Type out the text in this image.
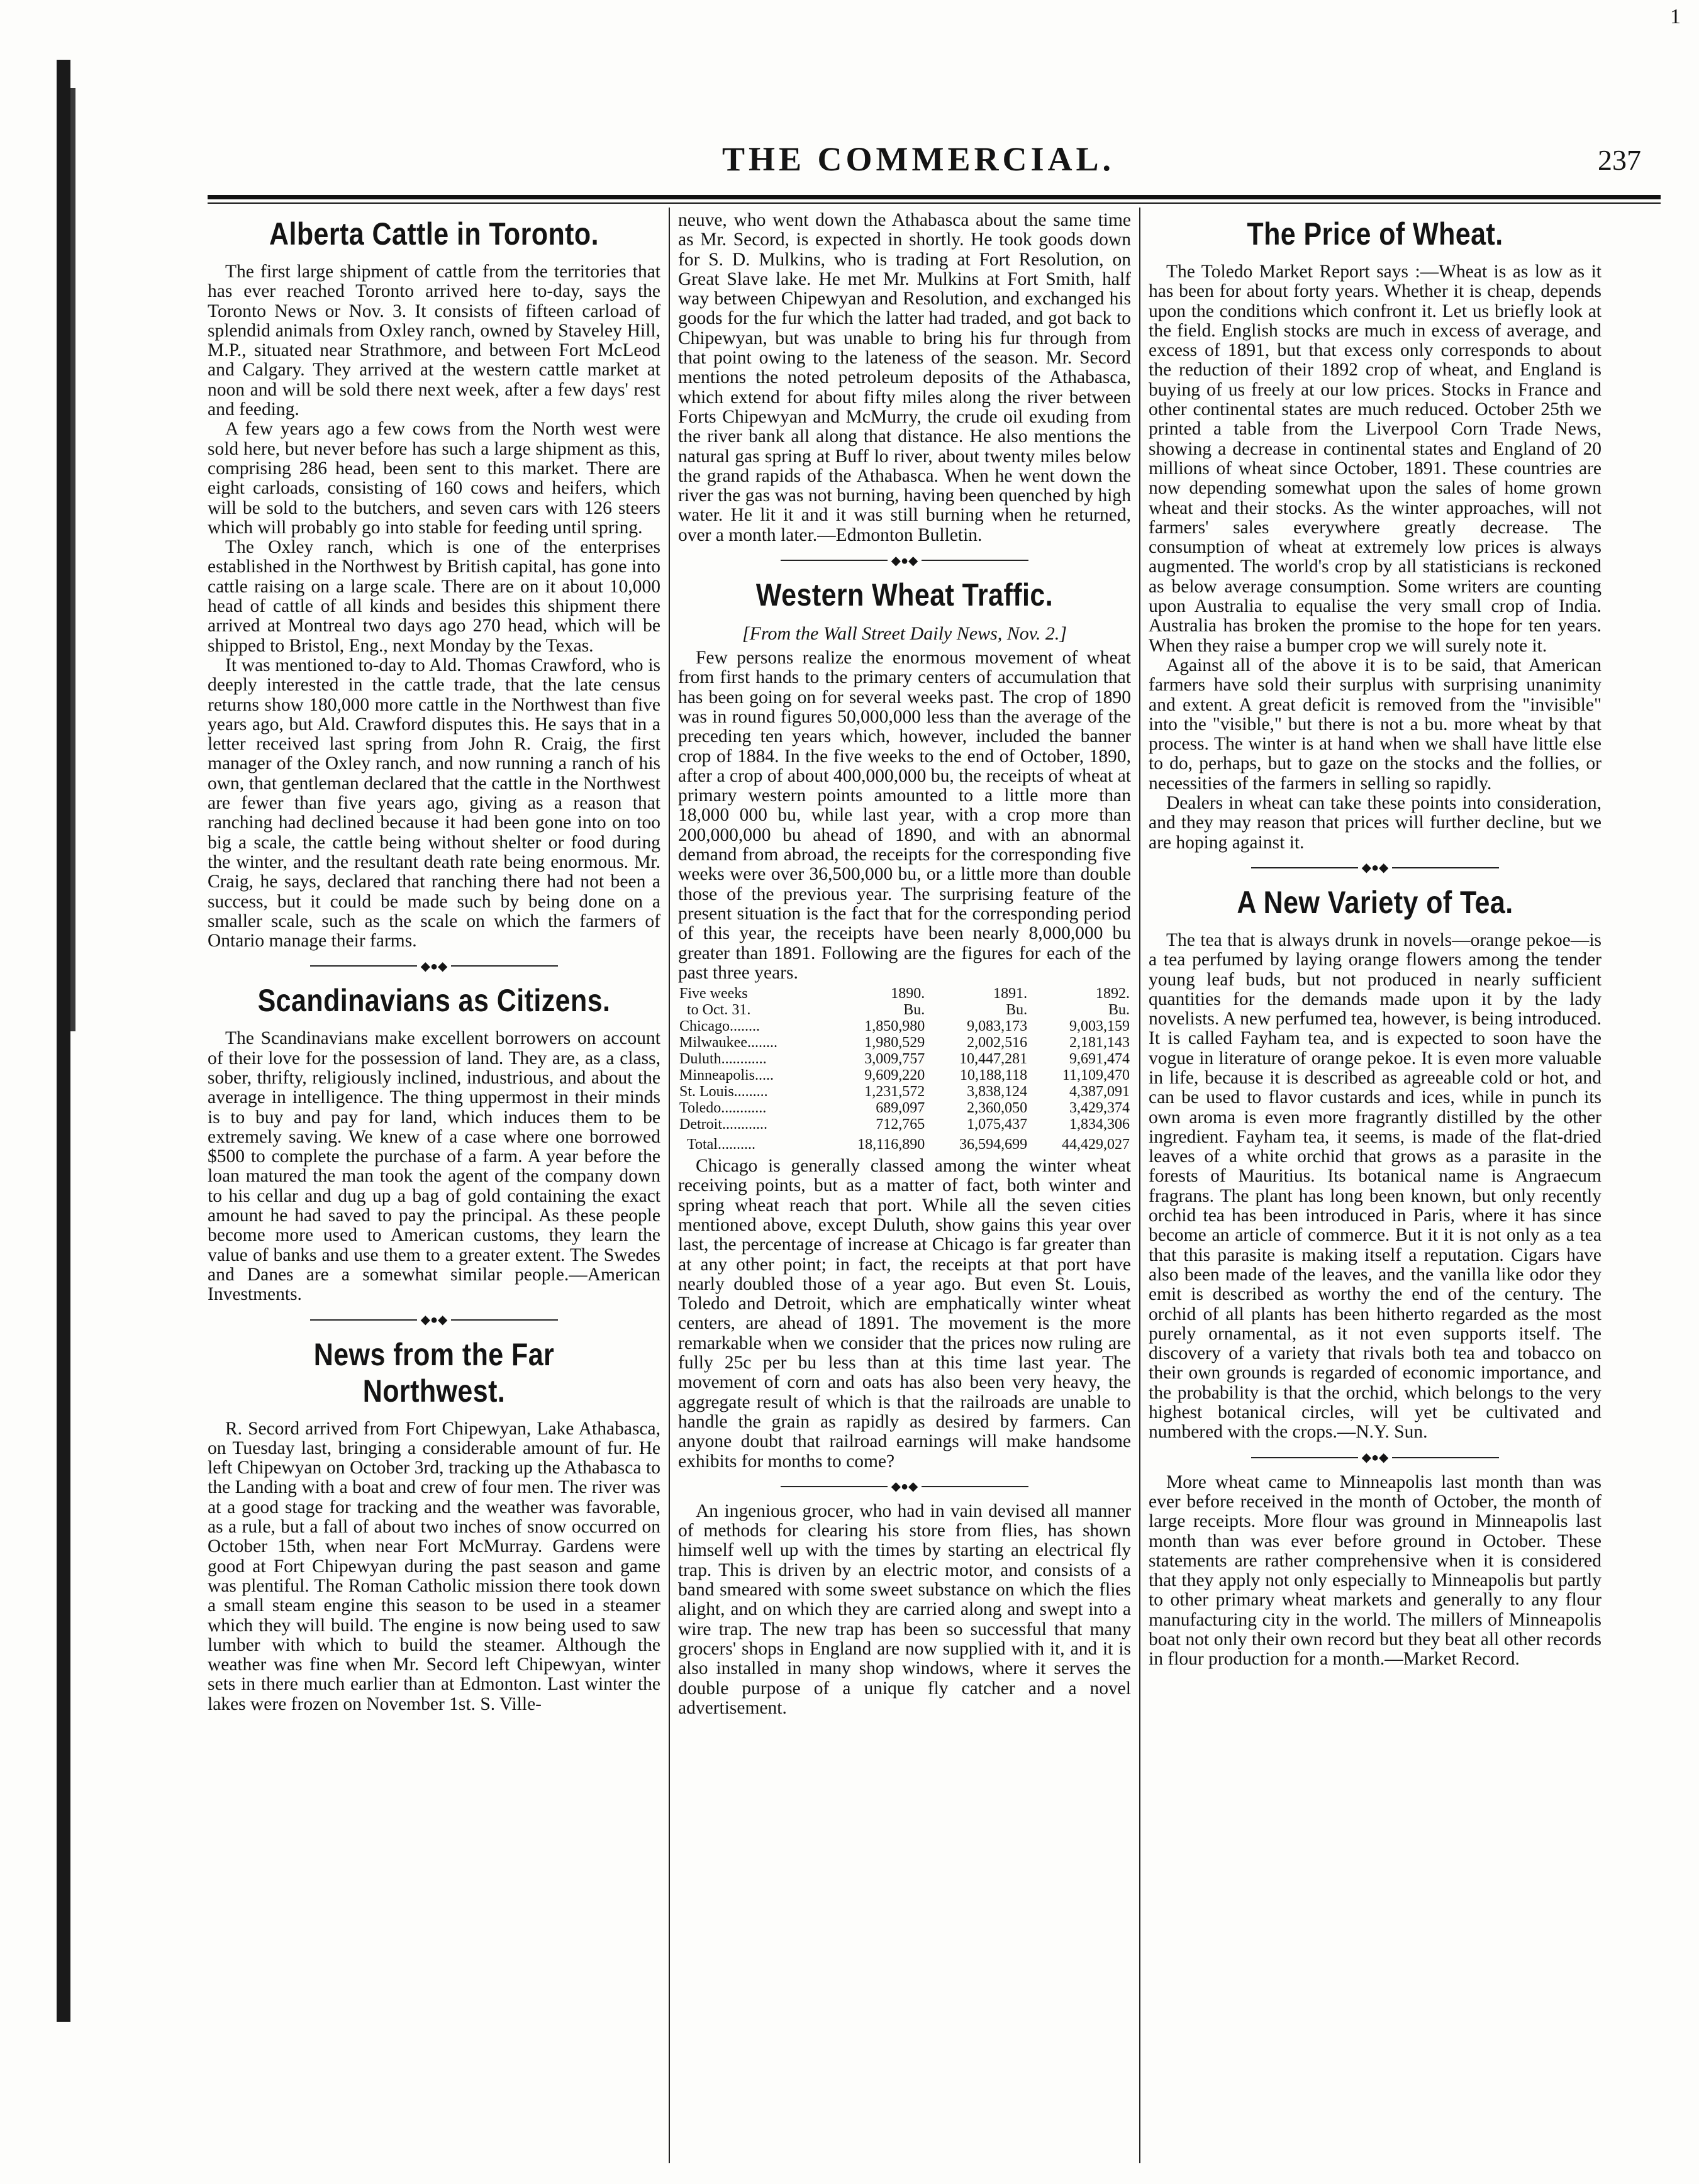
1
THE COMMERCIAL.	237
Alberta Cattle in Toronto.

The first large shipment of cattle from the territories that has ever reached Toronto arrived here to-day, says the Toronto News or Nov. 3. It consists of fifteen carload of splendid animals from Oxley ranch, owned by Staveley Hill, M.P., situated near Strathmore, and between Fort McLeod and Calgary. They arrived at the western cattle market at noon and will be sold there next week, after a few days' rest and feeding.

A few years ago a few cows from the North west were sold here, but never before has such a large shipment as this, comprising 286 head, been sent to this market. There are eight carloads, consisting of 160 cows and heifers, which will be sold to the butchers, and seven cars with 126 steers which will probably go into stable for feeding until spring.

The Oxley ranch, which is one of the enterprises established in the Northwest by British capital, has gone into cattle raising on a large scale. There are on it about 10,000 head of cattle of all kinds and besides this shipment there arrived at Montreal two days ago 270 head, which will be shipped to Bristol, Eng., next Monday by the Texas.

It was mentioned to-day to Ald. Thomas Crawford, who is deeply interested in the cattle trade, that the late census returns show 180,000 more cattle in the Northwest than five years ago, but Ald. Crawford disputes this. He says that in a letter received last spring from John R. Craig, the first manager of the Oxley ranch, and now running a ranch of his own, that gentleman declared that the cattle in the Northwest are fewer than five years ago, giving as a reason that ranching had declined because it had been gone into on too big a scale, the cattle being without shelter or food during the winter, and the resultant death rate being enormous. Mr. Craig, he says, declared that ranching there had not been a success, but it could be made such by being done on a smaller scale, such as the scale on which the farmers of Ontario manage their farms.

◆●◆
Scandinavians as Citizens.

The Scandinavians make excellent borrowers on account of their love for the possession of land. They are, as a class, sober, thrifty, religiously inclined, industrious, and about the average in intelligence. The thing uppermost in their minds is to buy and pay for land, which induces them to be extremely saving. We knew of a case where one borrowed $500 to complete the purchase of a farm. A year before the loan matured the man took the agent of the company down to his cellar and dug up a bag of gold containing the exact amount he had saved to pay the principal. As these people become more used to American customs, they learn the value of banks and use them to a greater extent. The Swedes and Danes are a somewhat similar people.—American Investments.

◆●◆
News from the Far Northwest.

R. Secord arrived from Fort Chipewyan, Lake Athabasca, on Tuesday last, bringing a considerable amount of fur. He left Chipewyan on October 3rd, tracking up the Athabasca to the Landing with a boat and crew of four men. The river was at a good stage for tracking and the weather was favorable, as a rule, but a fall of about two inches of snow occurred on October 15th, when near Fort McMurray. Gardens were good at Fort Chipewyan during the past season and game was plentiful. The Roman Catholic mission there took down a small steam engine this season to be used in a steamer which they will build. The engine is now being used to saw lumber with which to build the steamer. Although the weather was fine when Mr. Secord left Chipewyan, winter sets in there much earlier than at Edmonton. Last winter the lakes were frozen on November 1st. S. Ville-

neuve, who went down the Athabasca about the same time as Mr. Secord, is expected in shortly. He took goods down for S. D. Mulkins, who is trading at Fort Resolution, on Great Slave lake. He met Mr. Mulkins at Fort Smith, half way between Chipewyan and Resolution, and exchanged his goods for the fur which the latter had traded, and got back to Chipewyan, but was unable to bring his fur through from that point owing to the lateness of the season. Mr. Secord mentions the noted petroleum deposits of the Athabasca, which extend for about fifty miles along the river between Forts Chipewyan and McMurry, the crude oil exuding from the river bank all along that distance. He also mentions the natural gas spring at Buff lo river, about twenty miles below the grand rapids of the Athabasca. When he went down the river the gas was not burning, having been quenched by high water. He lit it and it was still burning when he returned, over a month later.—Edmonton Bulletin.

◆●◆
Western Wheat Traffic.
[From the Wall Street Daily News, Nov. 2.]

Few persons realize the enormous movement of wheat from first hands to the primary centers of accumulation that has been going on for several weeks past. The crop of 1890 was in round figures 50,000,000 less than the average of the preceding ten years which, however, included the banner crop of 1884. In the five weeks to the end of October, 1890, after a crop of about 400,000,000 bu, the receipts of wheat at primary western points amounted to a little more than 18,000 000 bu, while last year, with a crop more than 200,000,000 bu ahead of 1890, and with an abnormal demand from abroad, the receipts for the corresponding five weeks were over 36,500,000 bu, or a little more than double those of the previous year. The surprising feature of the present situation is the fact that for the corresponding period of this year, the receipts have been nearly 8,000,000 bu greater than 1891. Following are the figures for each of the past three years.

Five weeks	1890.	1891.	1892.
to Oct. 31.	Bu.	Bu.	Bu.
Chicago........	1,850,980	9,083,173	9,003,159
Milwaukee........	1,980,529	2,002,516	2,181,143
Duluth............	3,009,757	10,447,281	9,691,474
Minneapolis.....	9,609,220	10,188,118	11,109,470
St. Louis.........	1,231,572	3,838,124	4,387,091
Toledo............	689,097	2,360,050	3,429,374
Detroit............	712,765	1,075,437	1,834,306
Total..........	18,116,890	36,594,699	44,429,027

Chicago is generally classed among the winter wheat receiving points, but as a matter of fact, both winter and spring wheat reach that port. While all the seven cities mentioned above, except Duluth, show gains this year over last, the percentage of increase at Chicago is far greater than at any other point; in fact, the receipts at that port have nearly doubled those of a year ago. But even St. Louis, Toledo and Detroit, which are emphatically winter wheat centers, are ahead of 1891. The movement is the more remarkable when we consider that the prices now ruling are fully 25c per bu less than at this time last year. The movement of corn and oats has also been very heavy, the aggregate result of which is that the railroads are unable to handle the grain as rapidly as desired by farmers. Can anyone doubt that railroad earnings will make handsome exhibits for months to come?

◆●◆

An ingenious grocer, who had in vain devised all manner of methods for clearing his store from flies, has shown himself well up with the times by starting an electrical fly trap. This is driven by an electric motor, and consists of a band smeared with some sweet substance on which the flies alight, and on which they are carried along and swept into a wire trap. The new trap has been so successful that many grocers' shops in England are now supplied with it, and it is also installed in many shop windows, where it serves the double purpose of a unique fly catcher and a novel advertisement.

The Price of Wheat.

The Toledo Market Report says :—Wheat is as low as it has been for about forty years. Whether it is cheap, depends upon the conditions which confront it. Let us briefly look at the field. English stocks are much in excess of average, and excess of 1891, but that excess only corresponds to about the reduction of their 1892 crop of wheat, and England is buying of us freely at our low prices. Stocks in France and other continental states are much reduced. October 25th we printed a table from the Liverpool Corn Trade News, showing a decrease in continental states and England of 20 millions of wheat since October, 1891. These countries are now depending somewhat upon the sales of home grown wheat and their stocks. As the winter approaches, will not farmers' sales everywhere greatly decrease. The consumption of wheat at extremely low prices is always augmented. The world's crop by all statisticians is reckoned as below average consumption. Some writers are counting upon Australia to equalise the very small crop of India. Australia has broken the promise to the hope for ten years. When they raise a bumper crop we will surely note it.

Against all of the above it is to be said, that American farmers have sold their surplus with surprising unanimity and extent. A great deficit is removed from the "invisible" into the "visible," but there is not a bu. more wheat by that process. The winter is at hand when we shall have little else to do, perhaps, but to gaze on the stocks and the follies, or necessities of the farmers in selling so rapidly.

Dealers in wheat can take these points into consideration, and they may reason that prices will further decline, but we are hoping against it.

◆●◆
A New Variety of Tea.

The tea that is always drunk in novels—orange pekoe—is a tea perfumed by laying orange flowers among the tender young leaf buds, but not produced in nearly sufficient quantities for the demands made upon it by the lady novelists. A new perfumed tea, however, is being introduced. It is called Fayham tea, and is expected to soon have the vogue in literature of orange pekoe. It is even more valuable in life, because it is described as agreeable cold or hot, and can be used to flavor custards and ices, while in punch its own aroma is even more fragrantly distilled by the other ingredient. Fayham tea, it seems, is made of the flat-dried leaves of a white orchid that grows as a parasite in the forests of Mauritius. Its botanical name is Angraecum fragrans. The plant has long been known, but only recently orchid tea has been introduced in Paris, where it has since become an article of commerce. But it it is not only as a tea that this parasite is making itself a reputation. Cigars have also been made of the leaves, and the vanilla like odor they emit is described as worthy the end of the century. The orchid of all plants has been hitherto regarded as the most purely ornamental, as it not even supports itself. The discovery of a variety that rivals both tea and tobacco on their own grounds is regarded of economic importance, and the probability is that the orchid, which belongs to the very highest botanical circles, will yet be cultivated and numbered with the crops.—N.Y. Sun.

◆●◆

More wheat came to Minneapolis last month than was ever before received in the month of October, the month of large receipts. More flour was ground in Minneapolis last month than was ever before ground in October. These statements are rather comprehensive when it is considered that they apply not only especially to Minneapolis but partly to other primary wheat markets and generally to any flour manufacturing city in the world. The millers of Minneapolis boat not only their own record but they beat all other records in flour production for a month.—Market Record.
